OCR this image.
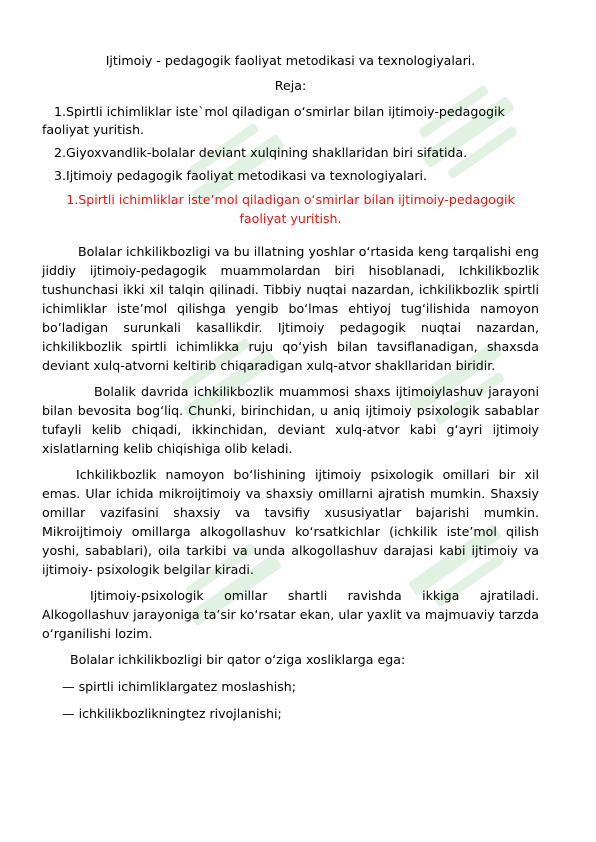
Ijtimoiy - pedagogik faoliyat metodikasi va texnologiyalari.
Reja:
1.Spirtli ichimliklar iste`mol qiladigan o‘smirlar bilan ijtimoiy-pedagogik faoliyat yuritish.
2.Giyoxvandlik-bolalar deviant xulqining shakllaridan biri sifatida.
3.Ijtimoiy pedagogik faoliyat metodikasi va texnologiyalari.
1.Spirtli ichimliklar iste’mol qiladigan o‘smirlar bilan ijtimoiy-pedagogik faoliyat yuritish.

Bolalar ichkilikbozligi va bu illatning yoshlar o‘rtasida keng tarqalishi eng jiddiy ijtimoiy-pedagogik muammolardan biri hisoblanadi, Ichkilikbozlik tushunchasi ikki xil talqin qilinadi. Tibbiy nuqtai nazardan, ichkilikbozlik spirtli ichimliklar iste’mol qilishga yengib bo‘lmas ehtiyoj tug‘ilishida namoyon bo’ladigan surunkali kasallikdir. Ijtimoiy pedagogik nuqtai nazardan, ichkilikbozlik spirtli ichimlikka ruju qo‘yish bilan tavsiflanadigan, shaxsda deviant xulq-atvorni keltirib chiqaradigan xulq-atvor shakllaridan biridir.

Bolalik davrida ichkilikbozlik muammosi shaxs ijtimoiylashuv jarayoni bilan bevosita bog‘liq. Chunki, birinchidan, u aniq ijtimoiy psixologik sabablar tufayli kelib chiqadi, ikkinchidan, deviant xulq-atvor kabi g‘ayri ijtimoiy xislatlarning kelib chiqishiga olib keladi.

Ichkilikbozlik namoyon bo‘lishining ijtimoiy psixologik omillari bir xil emas. Ular ichida mikroijtimoiy va shaxsiy omillarni ajratish mumkin. Shaxsiy omillar vazifasini shaxsiy va tavsifiy xususiyatlar bajarishi mumkin. Mikroijtimoiy omillarga alkogollashuv ko‘rsatkichlar (ichkilik iste’mol qilish yoshi, sabablari), oila tarkibi va unda alkogollashuv darajasi kabi ijtimoiy va ijtimoiy- psixologik belgilar kiradi.

Ijtimoiy-psixologik omillar shartli ravishda ikkiga ajratiladi. Alkogollashuv jarayoniga ta’sir ko‘rsatar ekan, ular yaxlit va majmuaviy tarzda o‘rganilishi lozim.

Bolalar ichkilikbozligi bir qator o‘ziga xosliklarga ega:
— spirtli ichimliklargatez moslashish;
— ichkilikbozlikningtez rivojlanishi;
